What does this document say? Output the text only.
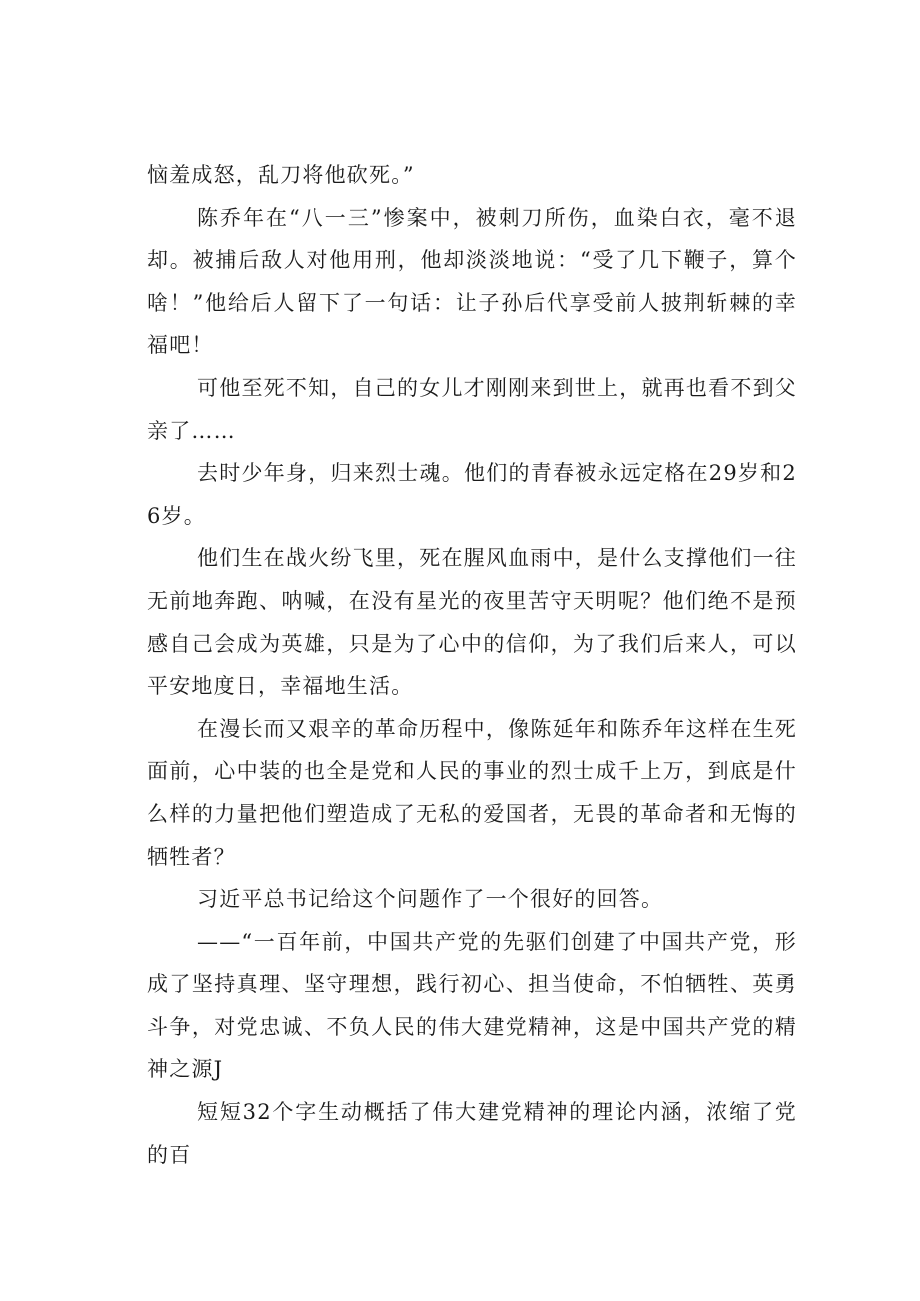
恼羞成怒，乱刀将他砍死。”

陈乔年在“八一三”惨案中，被刺刀所伤，血染白衣，毫不退却。被捕后敌人对他用刑，他却淡淡地说：“受了几下鞭子，算个啥！”他给后人留下了一句话：让子孙后代享受前人披荆斩棘的幸福吧！

可他至死不知，自己的女儿才刚刚来到世上，就再也看不到父亲了……

去时少年身，归来烈士魂。他们的青春被永远定格在29岁和26岁。

他们生在战火纷飞里，死在腥风血雨中，是什么支撑他们一往无前地奔跑、呐喊，在没有星光的夜里苦守天明呢？他们绝不是预感自己会成为英雄，只是为了心中的信仰，为了我们后来人，可以平安地度日，幸福地生活。

在漫长而又艰辛的革命历程中，像陈延年和陈乔年这样在生死面前，心中装的也全是党和人民的事业的烈士成千上万，到底是什么样的力量把他们塑造成了无私的爱国者，无畏的革命者和无悔的牺牲者？

习近平总书记给这个问题作了一个很好的回答。

——“一百年前，中国共产党的先驱们创建了中国共产党，形成了坚持真理、坚守理想，践行初心、担当使命，不怕牺牲、英勇斗争，对党忠诚、不负人民的伟大建党精神，这是中国共产党的精神之源J

短短32个字生动概括了伟大建党精神的理论内涵，浓缩了党的百
